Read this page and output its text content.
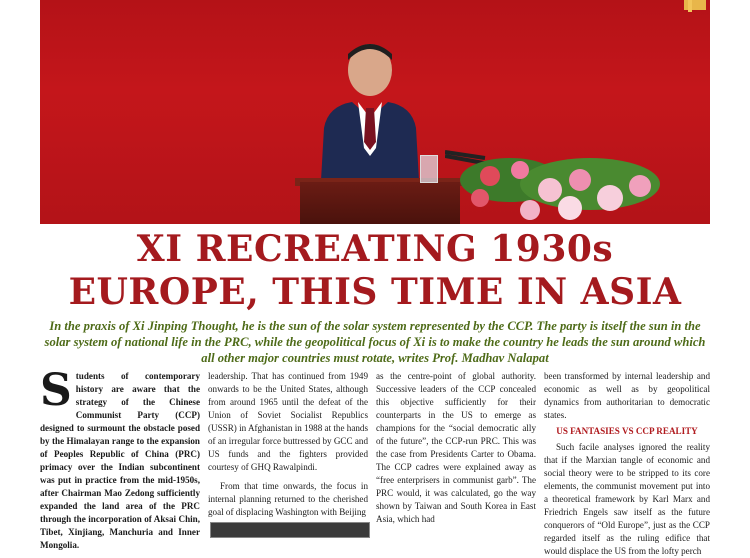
XI RECREATING 1930s
EUROPE, THIS TIME IN ASIA
In the praxis of Xi Jinping Thought, he is the sun of the solar system represented by the CCP. The party is itself the sun in the solar system of national life in the PRC, while the geopolitical focus of Xi is to make the country he leads the sun around which all other major countries must rotate, writes Prof. Madhav Nalapat
S tudents of contemporary history are aware that the strategy of the Chinese Communist Party (CCP) designed to surmount the obstacle posed by the Himalayan range to the expansion of Peoples Republic of China (PRC) primacy over the Indian subcontinent was put in practice from the mid-1950s, after Chairman Mao Zedong sufficiently expanded the land area of the PRC through the incorporation of Aksai Chin, Tibet, Xinjiang, Manchuria and Inner Mongolia.

leadership. That has continued from 1949 onwards to be the United States, although from around 1965 until the defeat of the Union of Soviet Socialist Republics (USSR) in Afghanistan in 1988 at the hands of an irregular force buttressed by GCC and US funds and the fighters provided courtesy of GHQ Rawalpindi.

From that time onwards, the focus in internal planning returned to the cherished goal of displacing Washington with Beijing

as the centre-point of global authority. Successive leaders of the CCP concealed this objective sufficiently for their counterparts in the US to emerge as champions for the “social democratic ally of the future”, the CCP-run PRC. This was the case from Presidents Carter to Obama. The CCP cadres were explained away as “free enterprisers in communist garb”. The PRC would, it was calculated, go the way shown by Taiwan and South Korea in East Asia, which had

been transformed by internal leadership and economic as well as by geopolitical dynamics from authoritarian to democratic states.

US FANTASIES VS CCP REALITY

Such facile analyses ignored the reality that if the Marxian tangle of economic and social theory were to be stripped to its core elements, the communist movement put into a theoretical framework by Karl Marx and Friedrich Engels saw itself as the future conquerors of “Old Europe”, just as the CCP regarded itself as the ruling edifice that would displace the US from the lofty perch
